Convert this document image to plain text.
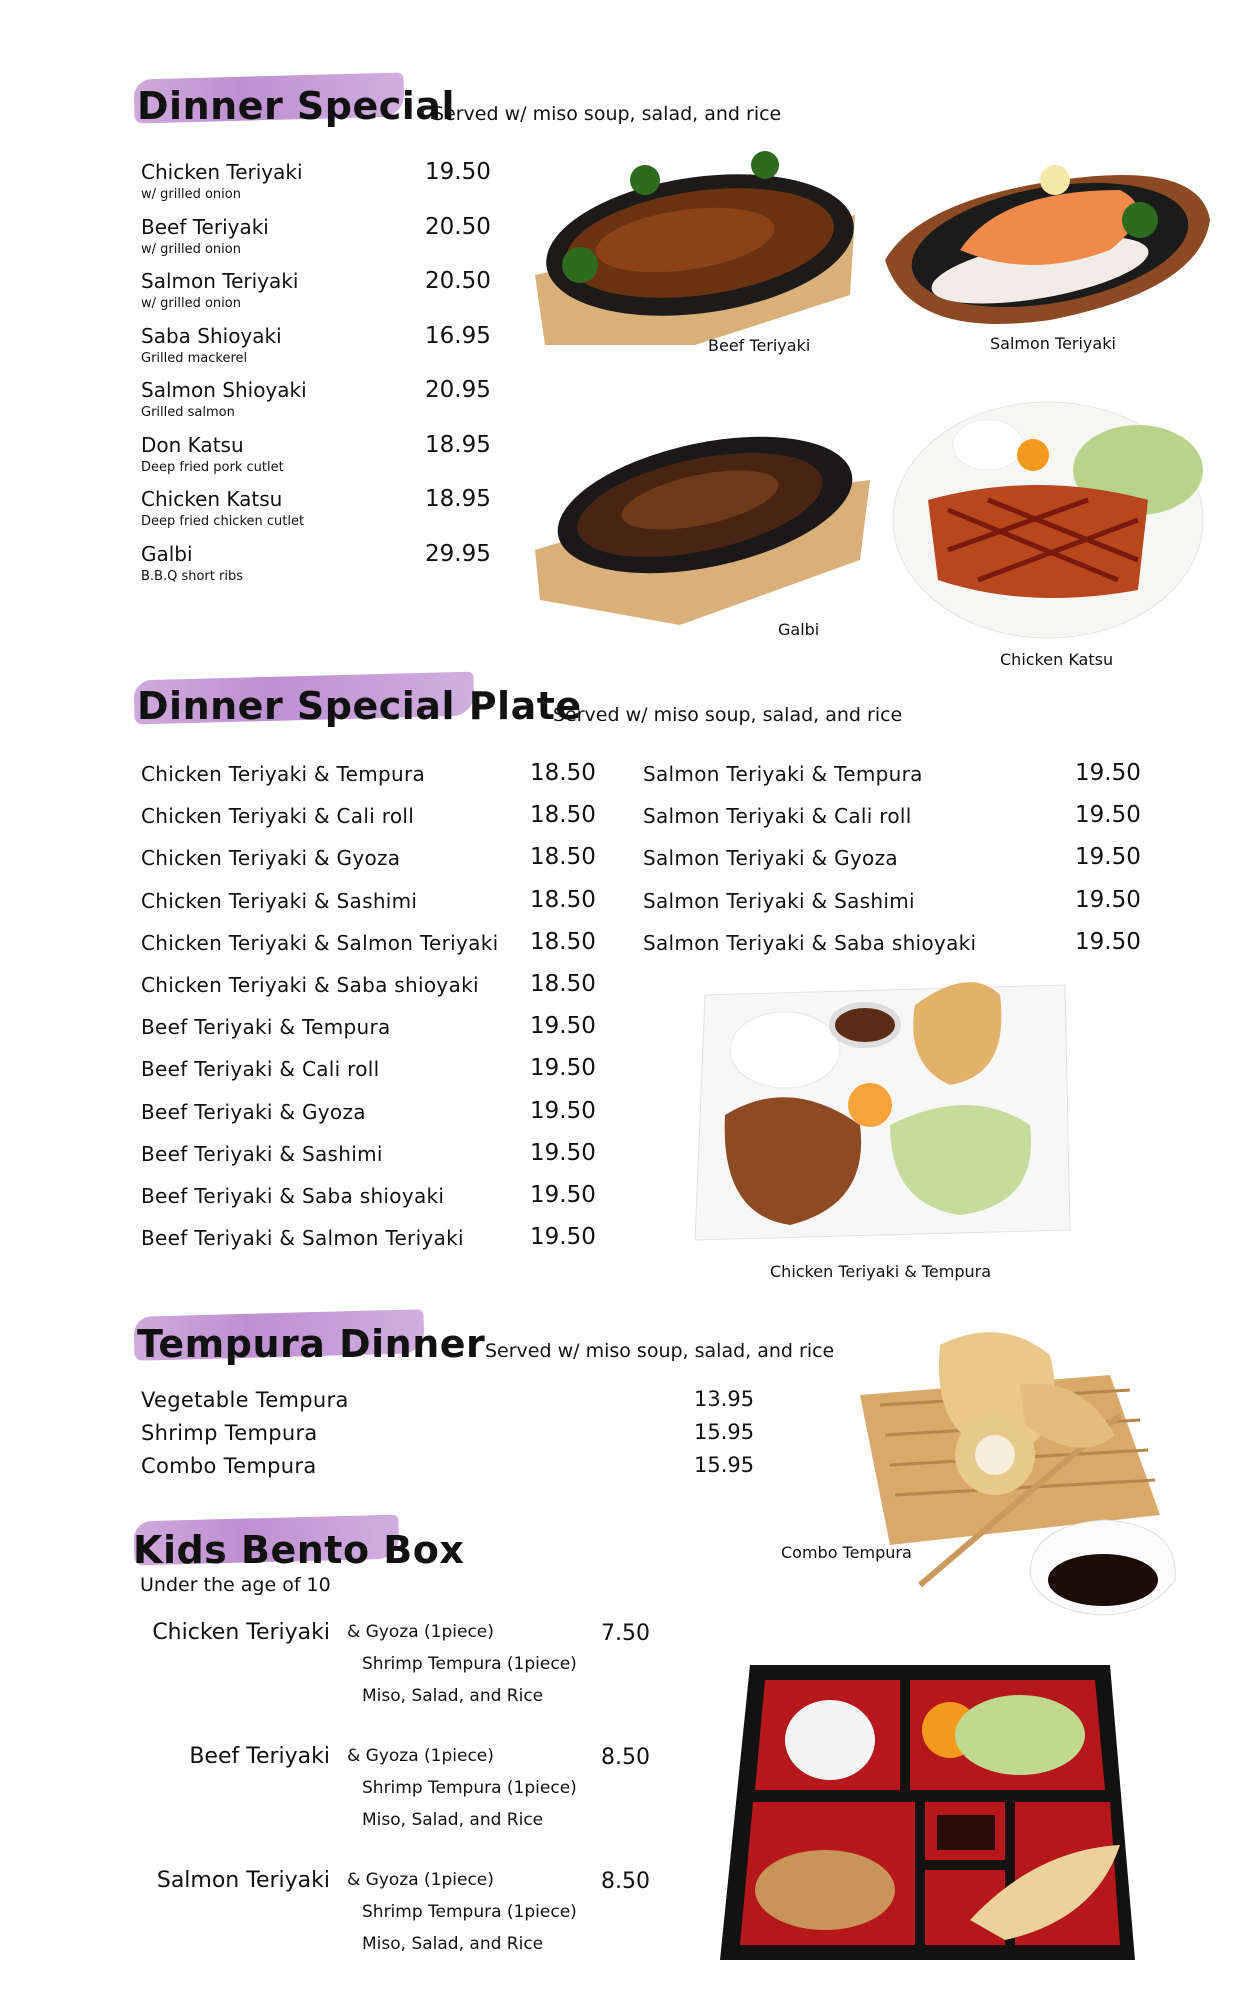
Dinner Special
Served w/ miso soup, salad, and rice
Chicken Teriyaki
w/ grilled onion
19.50
Beef Teriyaki
w/ grilled onion
20.50
Salmon Teriyaki
w/ grilled onion
20.50
Saba Shioyaki
Grilled mackerel
16.95
Salmon Shioyaki
Grilled salmon
20.95
Don Katsu
Deep fried pork cutlet
18.95
Chicken Katsu
Deep fried chicken cutlet
18.95
Galbi
B.B.Q short ribs
29.95
Beef Teriyaki	Salmon Teriyaki
Galbi
Chicken Katsu
Dinner Special Plate
Served w/ miso soup, salad, and rice
Chicken Teriyaki & Tempura	18.50
Chicken Teriyaki & Cali roll	18.50
Chicken Teriyaki & Gyoza	18.50
Chicken Teriyaki & Sashimi	18.50
Chicken Teriyaki & Salmon Teriyaki 18.50
Chicken Teriyaki & Saba shioyaki 18.50
Beef Teriyaki & Tempura	19.50
Beef Teriyaki & Cali roll	19.50
Beef Teriyaki & Gyoza	19.50
Beef Teriyaki & Sashimi	19.50
Beef Teriyaki & Saba shioyaki	19.50
Beef Teriyaki & Salmon Teriyaki	19.50
Salmon Teriyaki & Tempura	19.50
Salmon Teriyaki & Cali roll	19.50
Salmon Teriyaki & Gyoza	19.50
Salmon Teriyaki & Sashimi	19.50
Salmon Teriyaki & Saba shioyaki	19.50
Chicken Teriyaki & Tempura
Tempura Dinner Served w/ miso soup, salad, and rice
Vegetable Tempura	13.95
Shrimp Tempura	15.95
Combo Tempura	15.95
Combo Tempura
Kids Bento Box
Under the age of 10
Chicken Teriyaki & Gyoza (1piece)
Shrimp Tempura (1piece)
Miso, Salad, and Rice
7.50
Beef Teriyaki & Gyoza (1piece)
Shrimp Tempura (1piece)
Miso, Salad, and Rice
8.50
Salmon Teriyaki & Gyoza (1piece)
Shrimp Tempura (1piece)
Miso, Salad, and Rice
8.50
